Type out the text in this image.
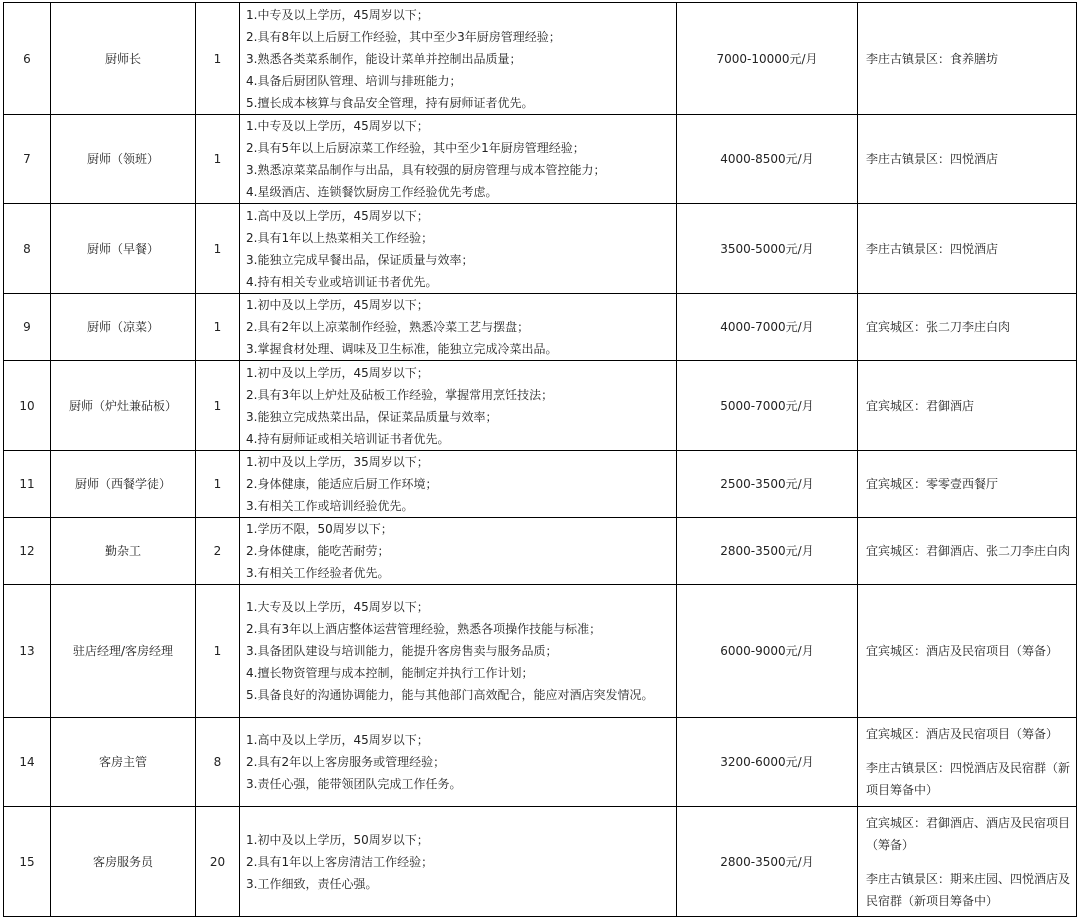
6	厨师长	1	1.中专及以上学历，45周岁以下；
2.具有8年以上后厨工作经验，其中至少3年厨房管理经验；
3.熟悉各类菜系制作，能设计菜单并控制出品质量；
4.具备后厨团队管理、培训与排班能力；
5.擅长成本核算与食品安全管理，持有厨师证者优先。	7000-10000元/月	李庄古镇景区：食养膳坊

7	厨师（领班）	1	1.中专及以上学历，45周岁以下；
2.具有5年以上后厨凉菜工作经验，其中至少1年厨房管理经验；
3.熟悉凉菜菜品制作与出品，具有较强的厨房管理与成本管控能力；
4.星级酒店、连锁餐饮厨房工作经验优先考虑。	4000-8500元/月	李庄古镇景区：四悦酒店

8	厨师（早餐）	1	1.高中及以上学历，45周岁以下；
2.具有1年以上热菜相关工作经验；
3.能独立完成早餐出品，保证质量与效率；
4.持有相关专业或培训证书者优先。	3500-5000元/月	李庄古镇景区：四悦酒店

9	厨师（凉菜）	1	1.初中及以上学历，45周岁以下；
2.具有2年以上凉菜制作经验，熟悉冷菜工艺与摆盘；
3.掌握食材处理、调味及卫生标准，能独立完成冷菜出品。	4000-7000元/月	宜宾城区：张二刀李庄白肉

10	厨师（炉灶兼砧板）	1	1.初中及以上学历，45周岁以下；
2.具有3年以上炉灶及砧板工作经验，掌握常用烹饪技法；
3.能独立完成热菜出品，保证菜品质量与效率；
4.持有厨师证或相关培训证书者优先。	5000-7000元/月	宜宾城区：君御酒店

11	厨师（西餐学徒）	1	1.初中及以上学历，35周岁以下；
2.身体健康，能适应后厨工作环境；
3.有相关工作或培训经验优先。	2500-3500元/月	宜宾城区：零零壹西餐厅

12	勤杂工	2	1.学历不限，50周岁以下；
2.身体健康，能吃苦耐劳；
3.有相关工作经验者优先。	2800-3500元/月	宜宾城区：君御酒店、张二刀李庄白肉

13	驻店经理/客房经理	1	1.大专及以上学历，45周岁以下；
2.具有3年以上酒店整体运营管理经验，熟悉各项操作技能与标准；
3.具备团队建设与培训能力，能提升客房售卖与服务品质；
4.擅长物资管理与成本控制，能制定并执行工作计划；
5.具备良好的沟通协调能力，能与其他部门高效配合，能应对酒店突发情况。	6000-9000元/月	宜宾城区：酒店及民宿项目（筹备）

14	客房主管	8	1.高中及以上学历，45周岁以下；
2.具有2年以上客房服务或管理经验；
3.责任心强，能带领团队完成工作任务。	3200-6000元/月	宜宾城区：酒店及民宿项目（筹备）
李庄古镇景区：四悦酒店及民宿群（新项目筹备中）

15	客房服务员	20	1.初中及以上学历，50周岁以下；
2.具有1年以上客房清洁工作经验；
3.工作细致，责任心强。	2800-3500元/月	宜宾城区：君御酒店、酒店及民宿项目（筹备）
李庄古镇景区：期来庄园、四悦酒店及民宿群（新项目筹备中）
